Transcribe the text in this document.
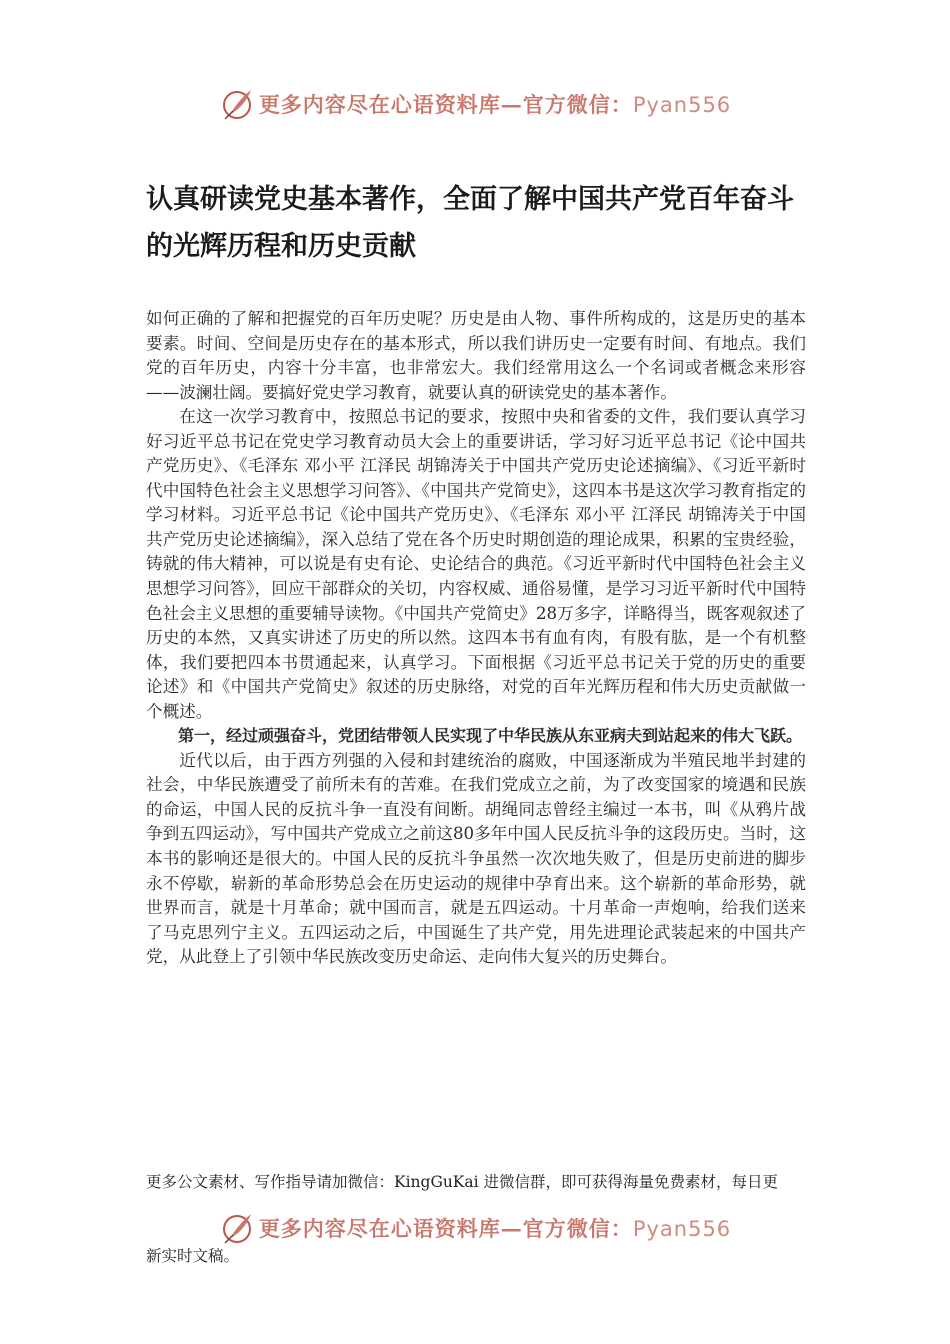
更多内容尽在心语资料库—官方微信：Pyan556
认真研读党史基本著作，全面了解中国共产党百年奋斗的光辉历程和历史贡献

如何正确的了解和把握党的百年历史呢？历史是由人物、事件所构成的，这是历史的基本要素。时间、空间是历史存在的基本形式，所以我们讲历史一定要有时间、有地点。我们党的百年历史，内容十分丰富，也非常宏大。我们经常用这么一个名词或者概念来形容——波澜壮阔。要搞好党史学习教育，就要认真的研读党史的基本著作。

在这一次学习教育中，按照总书记的要求，按照中央和省委的文件，我们要认真学习好习近平总书记在党史学习教育动员大会上的重要讲话，学习好习近平总书记《论中国共产党历史》、《毛泽东 邓小平 江泽民 胡锦涛关于中国共产党历史论述摘编》、《习近平新时代中国特色社会主义思想学习问答》、《中国共产党简史》，这四本书是这次学习教育指定的学习材料。习近平总书记《论中国共产党历史》、《毛泽东 邓小平 江泽民 胡锦涛关于中国共产党历史论述摘编》，深入总结了党在各个历史时期创造的理论成果，积累的宝贵经验，铸就的伟大精神，可以说是有史有论、史论结合的典范。《习近平新时代中国特色社会主义思想学习问答》，回应干部群众的关切，内容权威、通俗易懂，是学习习近平新时代中国特色社会主义思想的重要辅导读物。《中国共产党简史》28万多字，详略得当，既客观叙述了历史的本然，又真实讲述了历史的所以然。这四本书有血有肉，有股有肱，是一个有机整体，我们要把四本书贯通起来，认真学习。下面根据《习近平总书记关于党的历史的重要论述》和《中国共产党简史》叙述的历史脉络，对党的百年光辉历程和伟大历史贡献做一个概述。

第一，经过顽强奋斗，党团结带领人民实现了中华民族从东亚病夫到站起来的伟大飞跃。

近代以后，由于西方列强的入侵和封建统治的腐败，中国逐渐成为半殖民地半封建的社会，中华民族遭受了前所未有的苦难。在我们党成立之前，为了改变国家的境遇和民族的命运，中国人民的反抗斗争一直没有间断。胡绳同志曾经主编过一本书，叫《从鸦片战争到五四运动》，写中国共产党成立之前这80多年中国人民反抗斗争的这段历史。当时，这本书的影响还是很大的。中国人民的反抗斗争虽然一次次地失败了，但是历史前进的脚步永不停歇，崭新的革命形势总会在历史运动的规律中孕育出来。这个崭新的革命形势，就世界而言，就是十月革命；就中国而言，就是五四运动。十月革命一声炮响，给我们送来了马克思列宁主义。五四运动之后，中国诞生了共产党，用先进理论武装起来的中国共产党，从此登上了引领中华民族改变历史命运、走向伟大复兴的历史舞台。

更多公文素材、写作指导请加微信：KingGuKai 进微信群，即可获得海量免费素材，每日更

更多内容尽在心语资料库—官方微信：Pyan556

新实时文稿。
